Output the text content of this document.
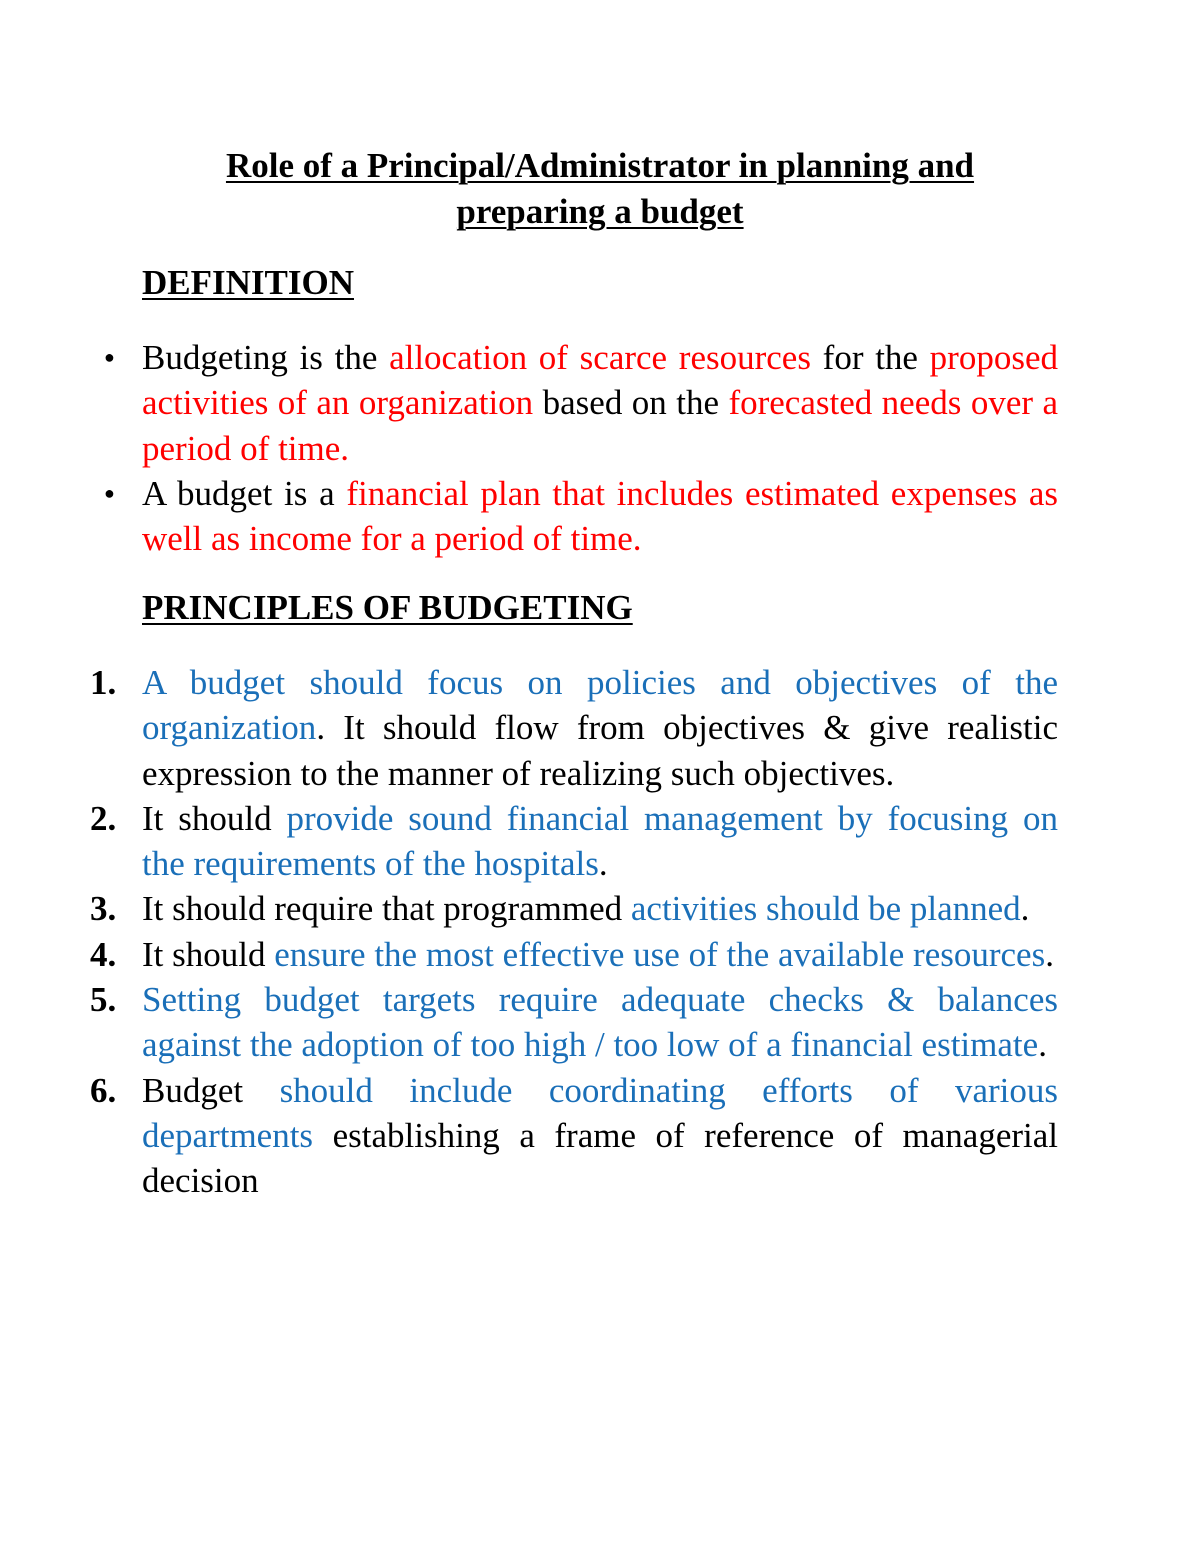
Role of a Principal/Administrator in planning and
preparing a budget
DEFINITION
● Budgeting is the allocation of scarce resources for the proposed activities of an organization based on the forecasted needs over a period of time.
● A budget is a financial plan that includes estimated expenses as well as income for a period of time.
PRINCIPLES OF BUDGETING
1. A budget should focus on policies and objectives of the organization. It should flow from objectives & give realistic expression to the manner of realizing such objectives.
2. It should provide sound financial management by focusing on the requirements of the hospitals.
3. It should require that programmed activities should be planned.
4. It should ensure the most effective use of the available resources.
5. Setting budget targets require adequate checks & balances against the adoption of too high / too low of a financial estimate.
6. Budget should include coordinating efforts of various departments establishing a frame of reference of managerial decision
